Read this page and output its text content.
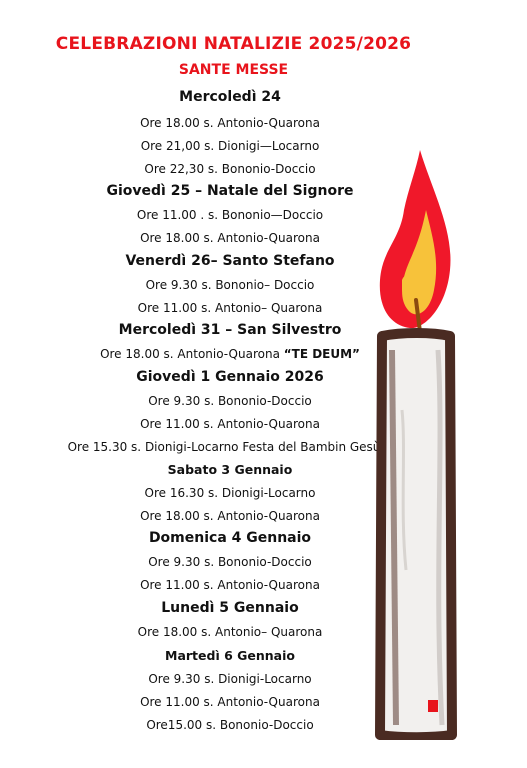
CELEBRAZIONI NATALIZIE 2025/2026
SANTE MESSE
Mercoledì 24
Ore 18.00 s. Antonio-Quarona
Ore 21,00 s. Dionigi—Locarno
Ore 22,30 s. Bononio-Doccio
Giovedì 25 – Natale del Signore
Ore 11.00 . s. Bononio—Doccio
Ore 18.00 s. Antonio-Quarona
Venerdì 26– Santo Stefano
Ore 9.30 s. Bononio– Doccio
Ore 11.00 s. Antonio– Quarona
Mercoledì 31 – San Silvestro
Ore 18.00 s. Antonio-Quarona “TE DEUM”
Giovedì 1 Gennaio 2026
Ore 9.30 s. Bononio-Doccio
Ore 11.00 s. Antonio-Quarona
Ore 15.30 s. Dionigi-Locarno Festa del Bambin Gesù
Sabato 3 Gennaio
Ore 16.30 s. Dionigi-Locarno
Ore 18.00 s. Antonio-Quarona
Domenica 4 Gennaio
Ore 9.30 s. Bononio-Doccio
Ore 11.00 s. Antonio-Quarona
Lunedì 5 Gennaio
Ore 18.00 s. Antonio– Quarona
Martedì 6 Gennaio
Ore 9.30 s. Dionigi-Locarno
Ore 11.00 s. Antonio-Quarona
Ore15.00 s. Bononio-Doccio
